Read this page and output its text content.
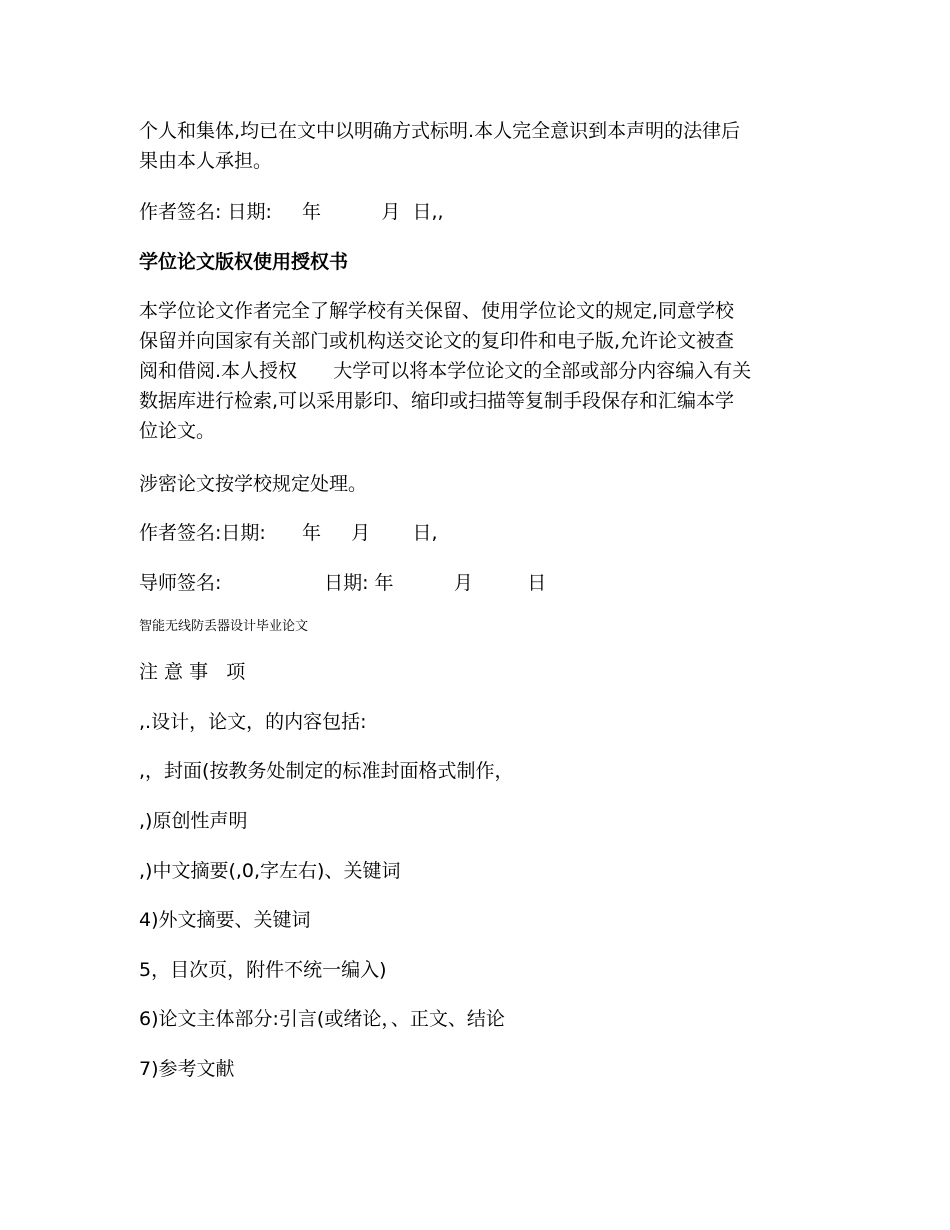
个人和集体,均已在文中以明确方式标明.本人完全意识到本声明的法律后
果由本人承担。
作者签名: 日期:     年          月  日,,
学位论文版权使用授权书
本学位论文作者完全了解学校有关保留、使用学位论文的规定,同意学校
保留并向国家有关部门或机构送交论文的复印件和电子版,允许论文被查
阅和借阅.本人授权      大学可以将本学位论文的全部或部分内容编入有关
数据库进行检索,可以采用影印、缩印或扫描等复制手段保存和汇编本学
位论文。
涉密论文按学校规定处理。
作者签名:日期:      年     月       日,
导师签名:                 日期: 年          月         日
智能无线防丢器设计毕业论文
注 意 事   项
,.设计，论文，的内容包括:
,，封面(按教务处制定的标准封面格式制作，
,)原创性声明
,)中文摘要(,0,字左右)、关键词
4)外文摘要、关键词
5，目次页，附件不统一编入)
6)论文主体部分:引言(或绪论，、正文、结论
7)参考文献
